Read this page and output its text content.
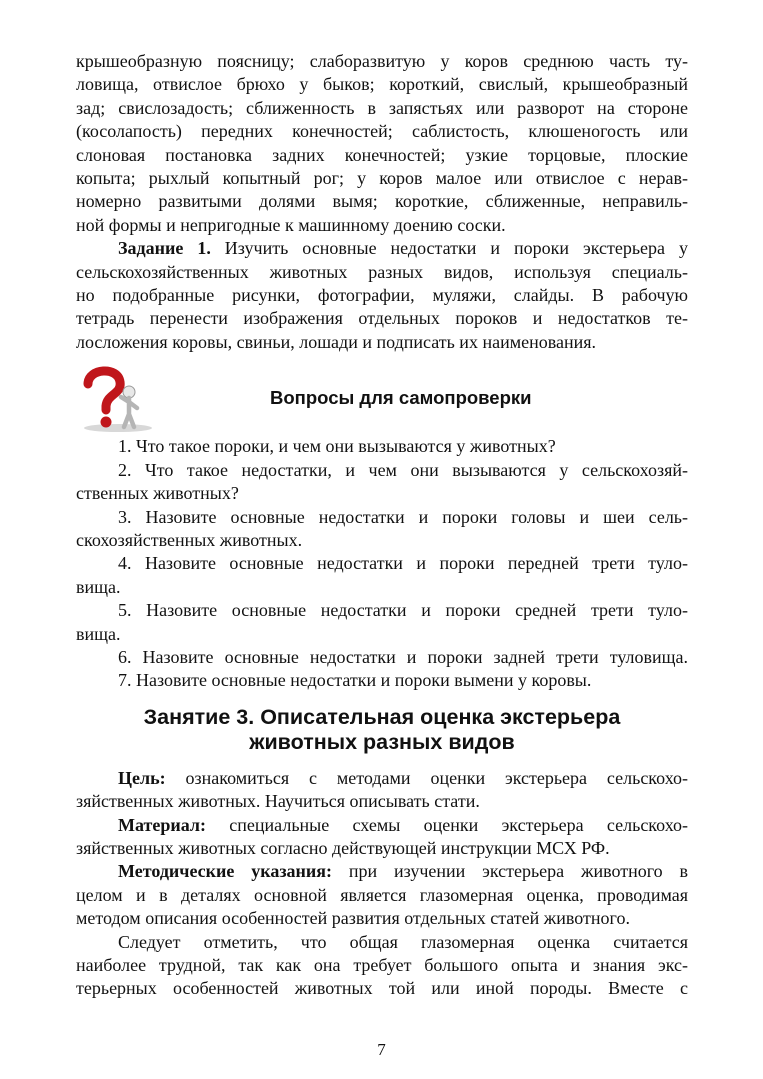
крышеобразную поясницу; слаборазвитую у коров среднюю часть ту-
ловища, отвислое брюхо у быков; короткий, свислый, крышеобразный
зад; свислозадость; сближенность в запястьях или разворот на стороне
(косолапость) передних конечностей; саблистость, клюшеногость или
слоновая постановка задних конечностей; узкие торцовые, плоские
копыта; рыхлый копытный рог; у коров малое или отвислое с нерав-
номерно развитыми долями вымя; короткие, сближенные, неправиль-
ной формы и непригодные к машинному доению соски.
Задание 1. Изучить основные недостатки и пороки экстерьера у
сельскохозяйственных животных разных видов, используя специаль-
но подобранные рисунки, фотографии, муляжи, слайды. В рабочую
тетрадь перенести изображения отдельных пороков и недостатков те-
лосложения коровы, свиньи, лошади и подписать их наименования.
Вопросы для самопроверки
1. Что такое пороки, и чем они вызываются у животных?
2. Что такое недостатки, и чем они вызываются у сельскохозяй-
ственных животных?
3. Назовите основные недостатки и пороки головы и шеи сель-
скохозяйственных животных.
4. Назовите основные недостатки и пороки передней трети туло-
вища.
5. Назовите основные недостатки и пороки средней трети туло-
вища.
6. Назовите основные недостатки и пороки задней трети туловища.
7. Назовите основные недостатки и пороки вымени у коровы.
Занятие 3. Описательная оценка экстерьера
животных разных видов
Цель: ознакомиться с методами оценки экстерьера сельскохо-
зяйственных животных. Научиться описывать стати.
Материал: специальные схемы оценки экстерьера сельскохо-
зяйственных животных согласно действующей инструкции МСХ РФ.
Методические указания: при изучении экстерьера животного в
целом и в деталях основной является глазомерная оценка, проводимая
методом описания особенностей развития отдельных статей животного.
Следует отметить, что общая глазомерная оценка считается
наиболее трудной, так как она требует большого опыта и знания экс-
терьерных особенностей животных той или иной породы. Вместе с
7
